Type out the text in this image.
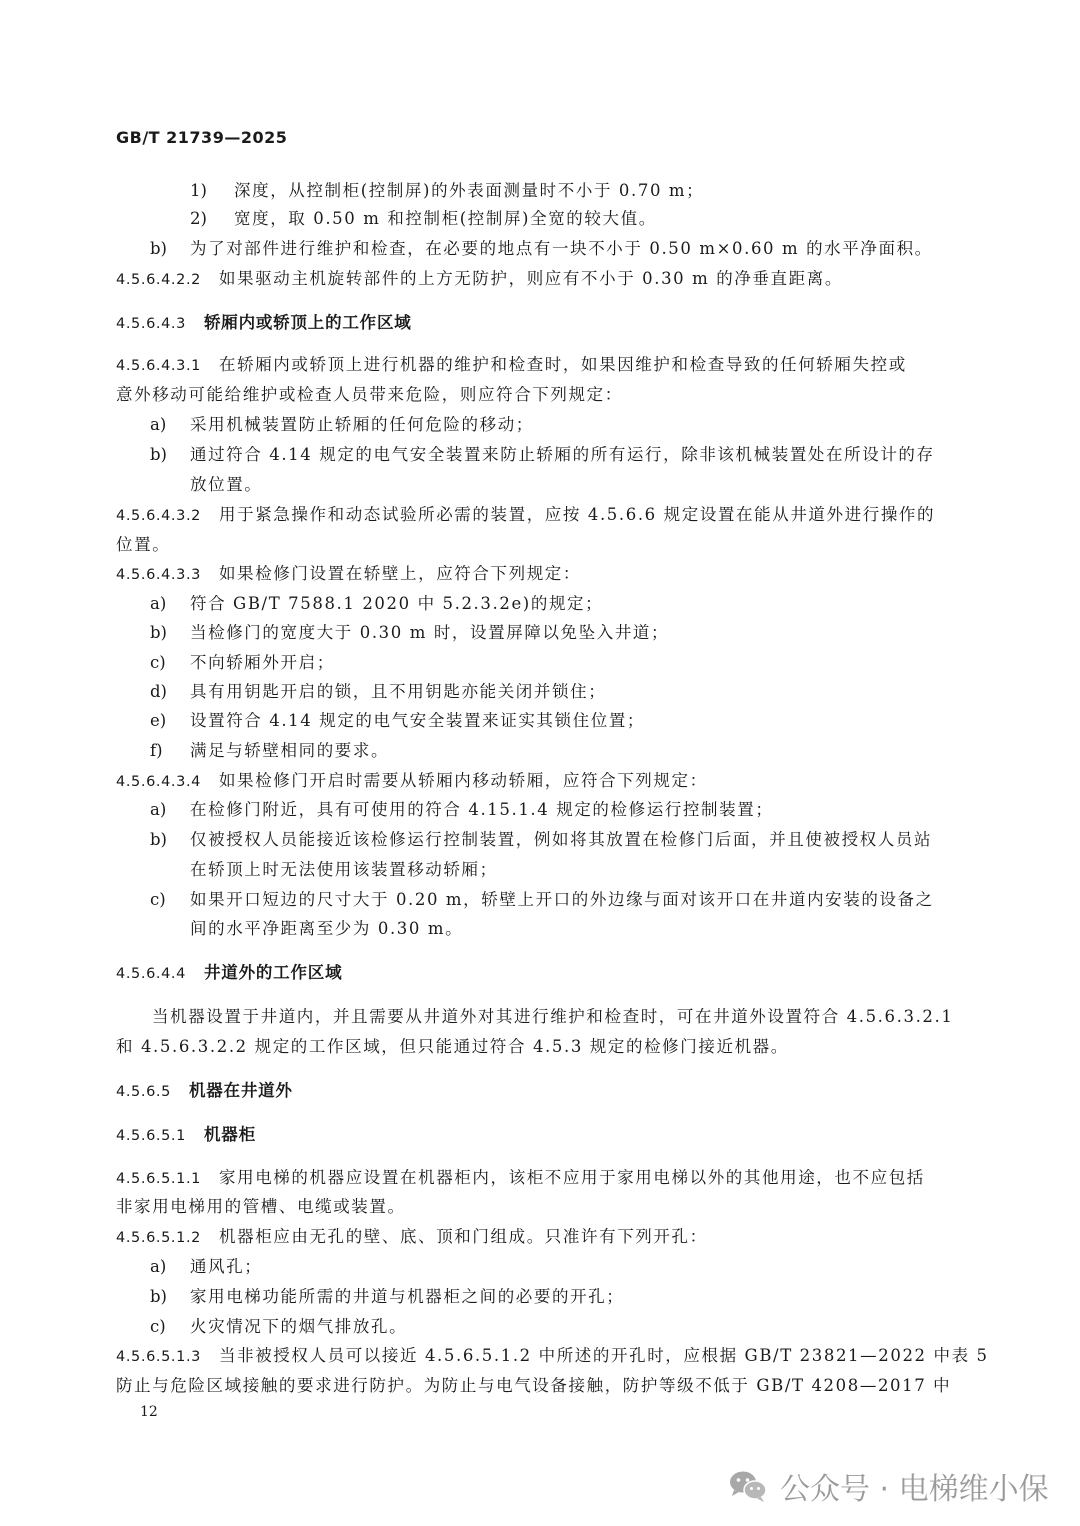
GB/T 21739—2025
1) 深度，从控制柜(控制屏)的外表面测量时不小于 0.70 m；
2) 宽度，取 0.50 m 和控制柜(控制屏)全宽的较大值。
b) 为了对部件进行维护和检查，在必要的地点有一块不小于 0.50 m×0.60 m 的水平净面积。
4.5.6.4.2.2 如果驱动主机旋转部件的上方无防护，则应有不小于 0.30 m 的净垂直距离。
4.5.6.4.3 轿厢内或轿顶上的工作区域
4.5.6.4.3.1 在轿厢内或轿顶上进行机器的维护和检查时，如果因维护和检查导致的任何轿厢失控或
意外移动可能给维护或检查人员带来危险，则应符合下列规定：
a) 采用机械装置防止轿厢的任何危险的移动；
b) 通过符合 4.14 规定的电气安全装置来防止轿厢的所有运行，除非该机械装置处在所设计的存
放位置。
4.5.6.4.3.2 用于紧急操作和动态试验所必需的装置，应按 4.5.6.6 规定设置在能从井道外进行操作的
位置。
4.5.6.4.3.3 如果检修门设置在轿壁上，应符合下列规定：
a) 符合 GB/T 7588.1 2020 中 5.2.3.2e)的规定；
b) 当检修门的宽度大于 0.30 m 时，设置屏障以免坠入井道；
c) 不向轿厢外开启；
d) 具有用钥匙开启的锁，且不用钥匙亦能关闭并锁住；
e) 设置符合 4.14 规定的电气安全装置来证实其锁住位置；
f) 满足与轿壁相同的要求。
4.5.6.4.3.4 如果检修门开启时需要从轿厢内移动轿厢，应符合下列规定：
a) 在检修门附近，具有可使用的符合 4.15.1.4 规定的检修运行控制装置；
b) 仅被授权人员能接近该检修运行控制装置，例如将其放置在检修门后面，并且使被授权人员站
在轿顶上时无法使用该装置移动轿厢；
c) 如果开口短边的尺寸大于 0.20 m，轿壁上开口的外边缘与面对该开口在井道内安装的设备之
间的水平净距离至少为 0.30 m。
4.5.6.4.4 井道外的工作区域
当机器设置于井道内，并且需要从井道外对其进行维护和检查时，可在井道外设置符合 4.5.6.3.2.1
和 4.5.6.3.2.2 规定的工作区域，但只能通过符合 4.5.3 规定的检修门接近机器。
4.5.6.5 机器在井道外
4.5.6.5.1 机器柜
4.5.6.5.1.1 家用电梯的机器应设置在机器柜内，该柜不应用于家用电梯以外的其他用途，也不应包括
非家用电梯用的管槽、电缆或装置。
4.5.6.5.1.2 机器柜应由无孔的壁、底、顶和门组成。只准许有下列开孔：
a) 通风孔；
b) 家用电梯功能所需的井道与机器柜之间的必要的开孔；
c) 火灾情况下的烟气排放孔。
4.5.6.5.1.3 当非被授权人员可以接近 4.5.6.5.1.2 中所述的开孔时，应根据 GB/T 23821—2022 中表 5
防止与危险区域接触的要求进行防护。为防止与电气设备接触，防护等级不低于 GB/T 4208—2017 中
12
公众号 · 电梯维小保
